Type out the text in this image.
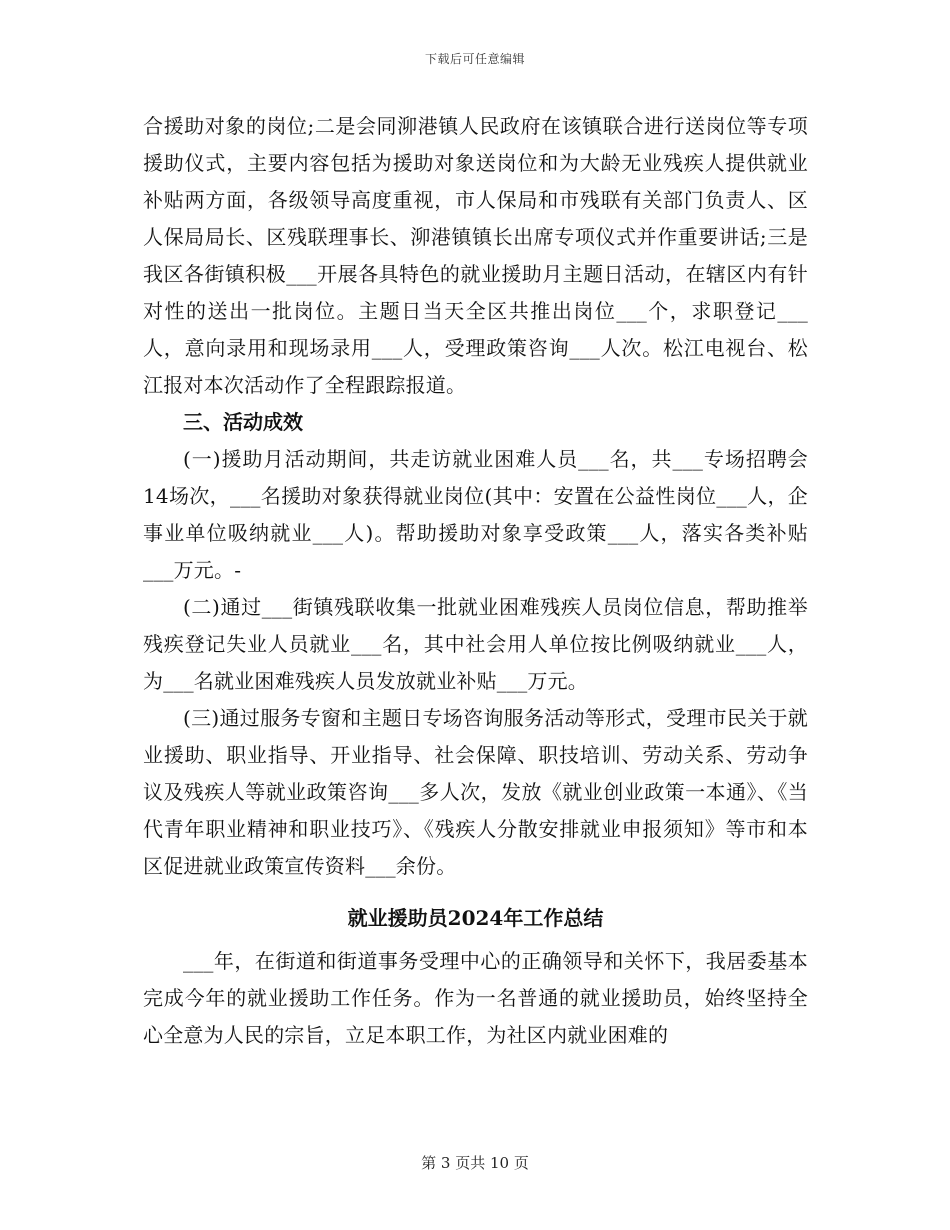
下载后可任意编辑

合援助对象的岗位;二是会同泖港镇人民政府在该镇联合进行送岗位等专项援助仪式，主要内容包括为援助对象送岗位和为大龄无业残疾人提供就业补贴两方面，各级领导高度重视，市人保局和市残联有关部门负责人、区人保局局长、区残联理事长、泖港镇镇长出席专项仪式并作重要讲话;三是我区各街镇积极___开展各具特色的就业援助月主题日活动，在辖区内有针对性的送出一批岗位。主题日当天全区共推出岗位___个，求职登记___人，意向录用和现场录用___人，受理政策咨询___人次。松江电视台、松江报对本次活动作了全程跟踪报道。

三、活动成效

(一)援助月活动期间，共走访就业困难人员___名，共___专场招聘会14场次，___名援助对象获得就业岗位(其中：安置在公益性岗位___人，企事业单位吸纳就业___人)。帮助援助对象享受政策___人，落实各类补贴___万元。-

(二)通过___街镇残联收集一批就业困难残疾人员岗位信息，帮助推举残疾登记失业人员就业___名，其中社会用人单位按比例吸纳就业___人，为___名就业困难残疾人员发放就业补贴___万元。

(三)通过服务专窗和主题日专场咨询服务活动等形式，受理市民关于就业援助、职业指导、开业指导、社会保障、职技培训、劳动关系、劳动争议及残疾人等就业政策咨询___多人次，发放《就业创业政策一本通》、《当代青年职业精神和职业技巧》、《残疾人分散安排就业申报须知》等市和本区促进就业政策宣传资料___余份。

就业援助员2024年工作总结

___年，在街道和街道事务受理中心的正确领导和关怀下，我居委基本完成今年的就业援助工作任务。作为一名普通的就业援助员，始终坚持全心全意为人民的宗旨，立足本职工作，为社区内就业困难的

第 3 页共 10 页
